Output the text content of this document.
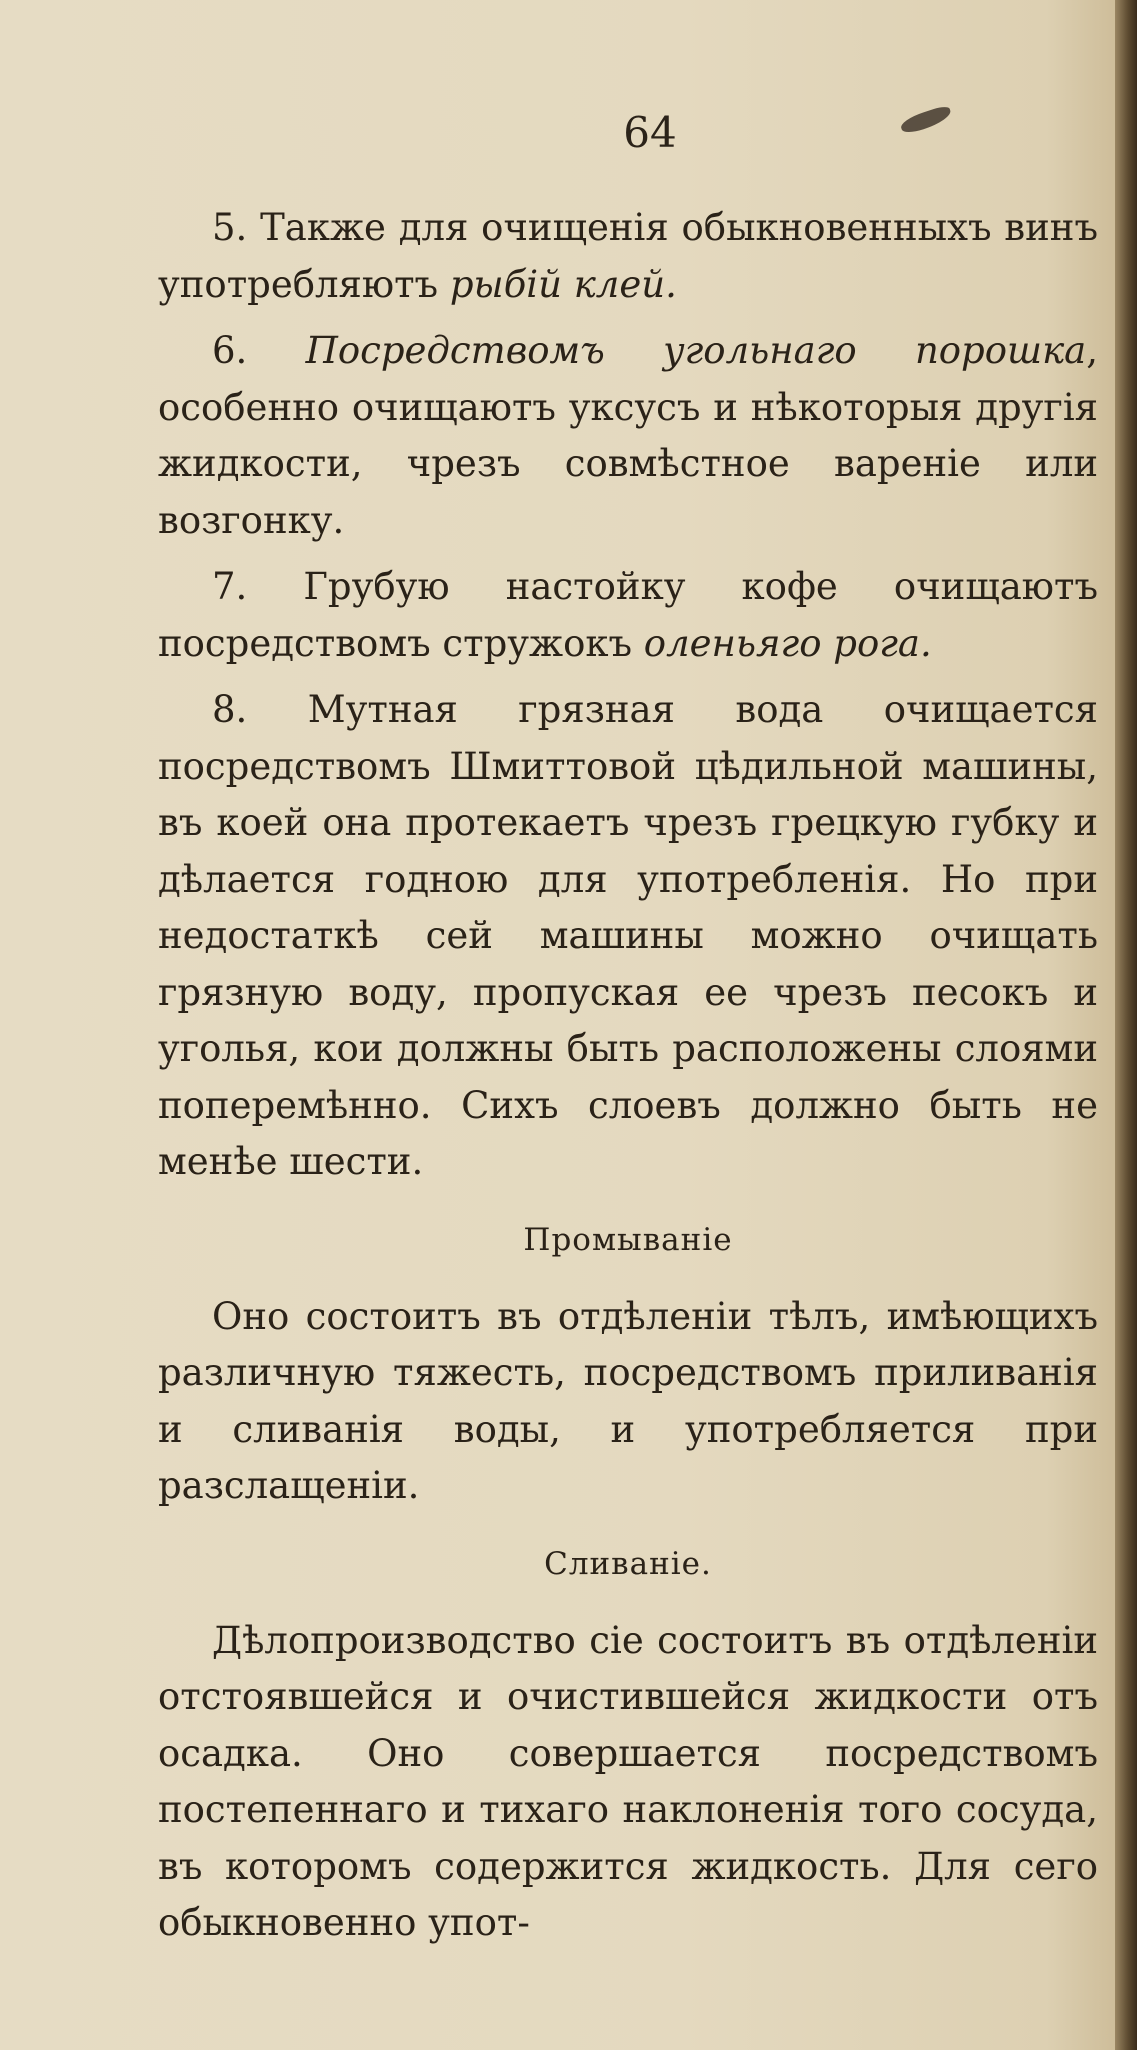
64

5. Также для очищенія обыкновенныхъ винъ употребляютъ рыбій клей.

6. Посредствомъ угольнаго порошка, особенно очищаютъ уксусъ и нѣкоторыя другія жидкости, чрезъ совмѣстное вареніе или возгонку.

7. Грубую настойку кофе очищаютъ посредствомъ стружокъ оленьяго рога.

8. Мутная грязная вода очищается посредствомъ Шмиттовой цѣдильной машины, въ коей она протекаетъ чрезъ грецкую губку и дѣлается годною для употребленія. Но при недостаткѣ сей машины можно очищать грязную воду, пропуская ее чрезъ песокъ и уголья, кои должны быть расположены слоями поперемѣнно. Сихъ слоевъ должно быть не менѣе шести.

Промываніе

Оно состоитъ въ отдѣленіи тѣлъ, имѣющихъ различную тяжесть, посредствомъ приливанія и сливанія воды, и употребляется при разслащеніи.

Сливаніе.

Дѣлопроизводство сіе состоитъ въ отдѣленіи отстоявшейся и очистившейся жидкости отъ осадка. Оно совершается посредствомъ постепеннаго и тихаго наклоненія того сосуда, въ которомъ содержится жидкость. Для сего обыкновенно упот-
